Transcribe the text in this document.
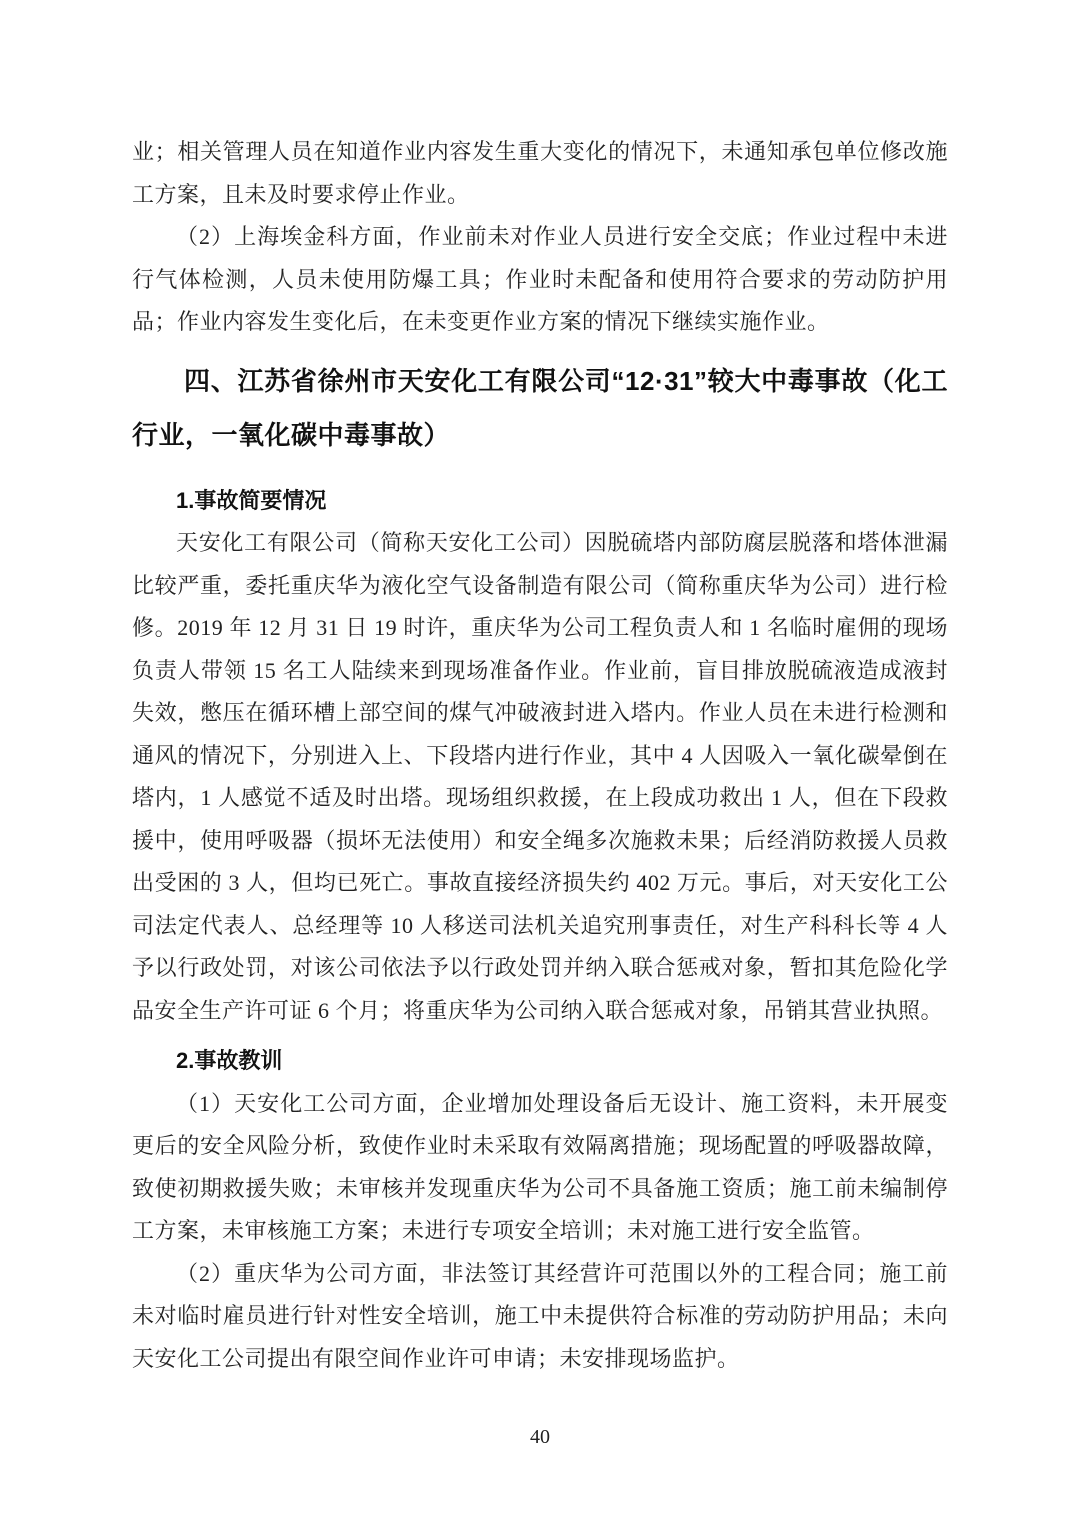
业；相关管理人员在知道作业内容发生重大变化的情况下，未通知承包单位修改施工方案，且未及时要求停止作业。

（2）上海埃金科方面，作业前未对作业人员进行安全交底；作业过程中未进行气体检测，人员未使用防爆工具；作业时未配备和使用符合要求的劳动防护用品；作业内容发生变化后，在未变更作业方案的情况下继续实施作业。

四、江苏省徐州市天安化工有限公司“12·31”较大中毒事故（化工行业，一氧化碳中毒事故）
1.事故简要情况

天安化工有限公司（简称天安化工公司）因脱硫塔内部防腐层脱落和塔体泄漏比较严重，委托重庆华为液化空气设备制造有限公司（简称重庆华为公司）进行检修。2019 年 12 月 31 日 19 时许，重庆华为公司工程负责人和 1 名临时雇佣的现场负责人带领 15 名工人陆续来到现场准备作业。作业前，盲目排放脱硫液造成液封失效，憋压在循环槽上部空间的煤气冲破液封进入塔内。作业人员在未进行检测和通风的情况下，分别进入上、下段塔内进行作业，其中 4 人因吸入一氧化碳晕倒在塔内，1 人感觉不适及时出塔。现场组织救援，在上段成功救出 1 人，但在下段救援中，使用呼吸器（损坏无法使用）和安全绳多次施救未果；后经消防救援人员救出受困的 3 人，但均已死亡。事故直接经济损失约 402 万元。事后，对天安化工公司法定代表人、总经理等 10 人移送司法机关追究刑事责任，对生产科科长等 4 人予以行政处罚，对该公司依法予以行政处罚并纳入联合惩戒对象，暂扣其危险化学品安全生产许可证 6 个月；将重庆华为公司纳入联合惩戒对象，吊销其营业执照。

2.事故教训

（1）天安化工公司方面，企业增加处理设备后无设计、施工资料，未开展变更后的安全风险分析，致使作业时未采取有效隔离措施；现场配置的呼吸器故障，致使初期救援失败；未审核并发现重庆华为公司不具备施工资质；施工前未编制停工方案，未审核施工方案；未进行专项安全培训；未对施工进行安全监管。

（2）重庆华为公司方面，非法签订其经营许可范围以外的工程合同；施工前未对临时雇员进行针对性安全培训，施工中未提供符合标准的劳动防护用品；未向天安化工公司提出有限空间作业许可申请；未安排现场监护。

40
